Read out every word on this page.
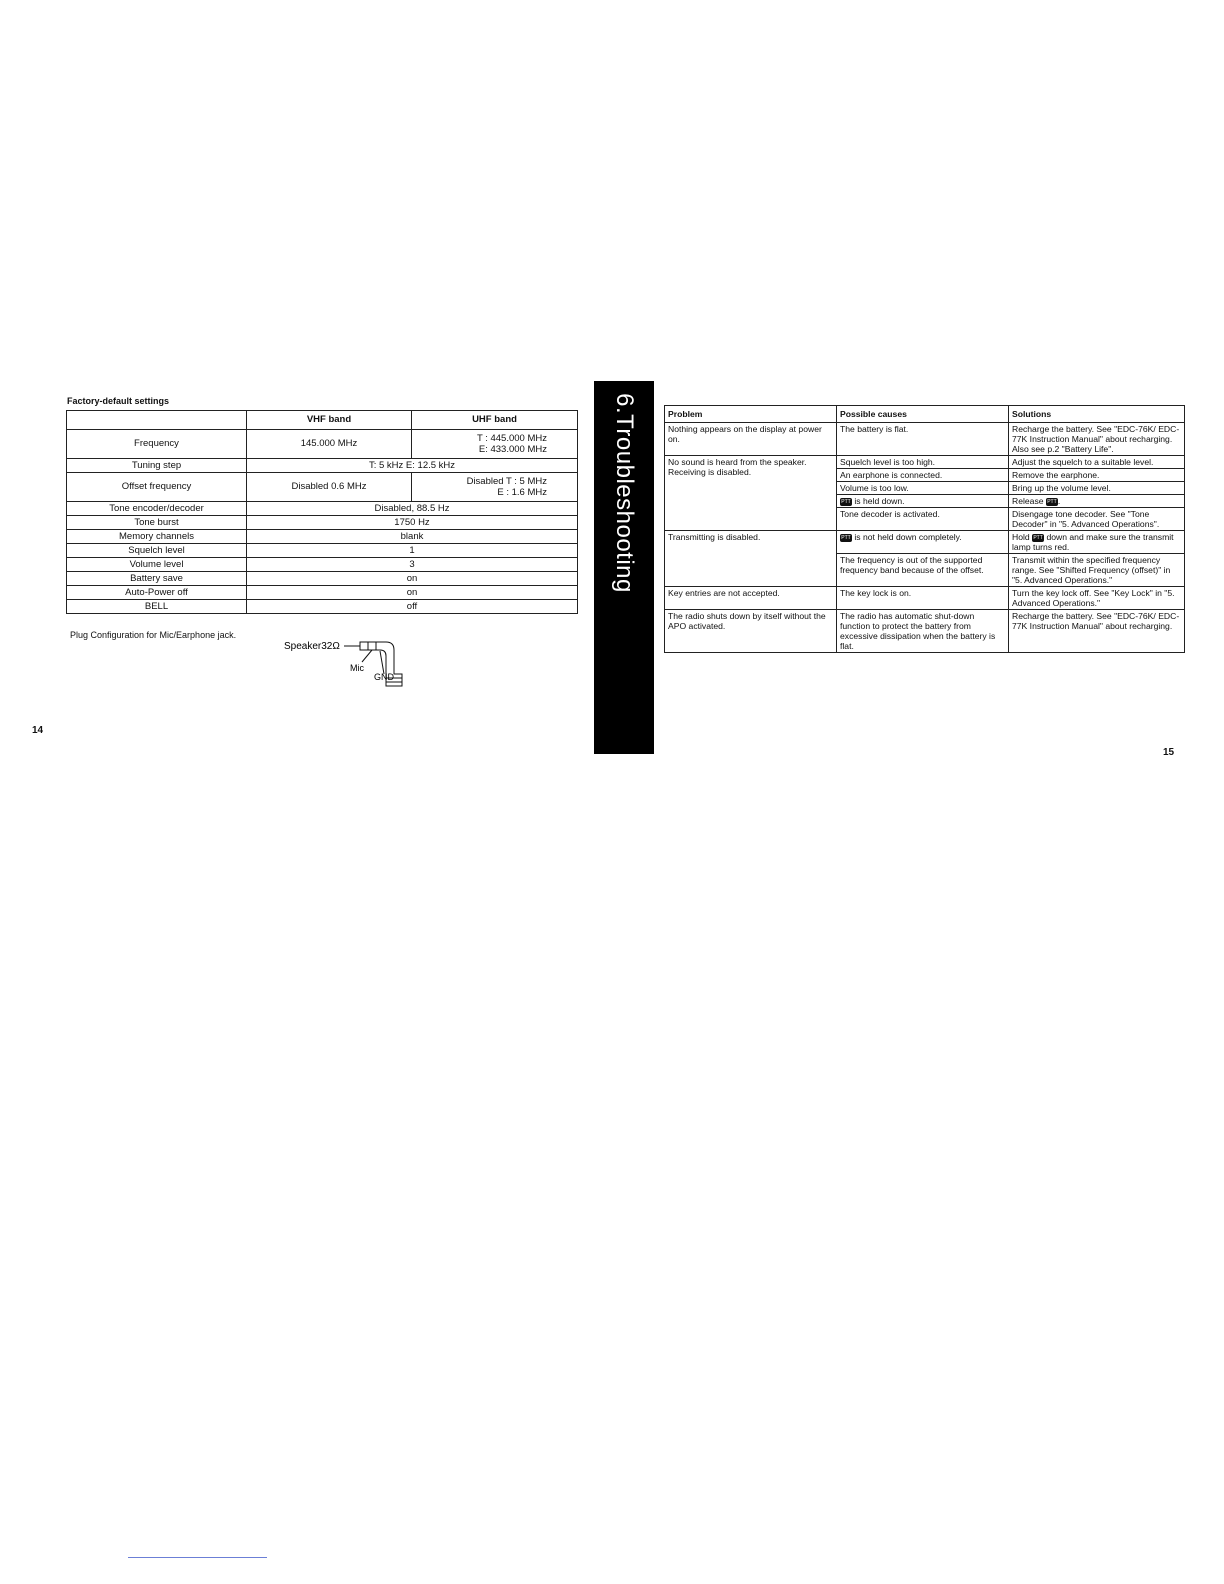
Factory-default settings
	VHF band	UHF band
Frequency	145.000 MHz	T : 445.000 MHz
E: 433.000 MHz

Tuning step	T: 5 kHz E: 12.5 kHz	
Offset frequency	Disabled 0.6 MHz	Disabled T : 5 MHz
E : 1.6 MHz

Tone encoder/decoder	Disabled, 88.5 Hz	
Tone burst	1750 Hz	
Memory channels	blank	
Squelch level	1	
Volume level	3	
Battery save	on	
Auto-Power off	on	
BELL	off	
Plug Configuration for Mic/Earphone jack.
Speaker32Ω
Mic
GND
14
6.Troubleshooting	Problem	Possible causes	Solutions
Nothing appears on the display at power on.	The battery is flat.	Recharge the battery. See "EDC-76K/ EDC-77K Instruction Manual" about recharging. Also see p.2 "Battery Life".
No sound is heard from the speaker. Receiving is disabled.	Squelch level is too high.	Adjust the squelch to a suitable level.
	An earphone is connected.	Remove the earphone.
	Volume is too low.	Bring up the volume level.
	PTT is held down.	Release PTT.
	Tone decoder is activated.	Disengage tone decoder. See "Tone Decoder" in "5. Advanced Operations".
Transmitting is disabled.	PTT is not held down completely.	Hold PTT down and make sure the transmit lamp turns red.
	The frequency is out of the supported frequency band because of the offset.	Transmit within the specified frequency range. See "Shifted Frequency (offset)" in "5. Advanced Operations."
Key entries are not accepted.	The key lock is on.	Turn the key lock off. See "Key Lock" in "5. Advanced Operations."
The radio shuts down by itself without the APO activated.	The radio has automatic shut-down function to protect the battery from excessive dissipation when the battery is flat.	Recharge the battery. See "EDC-76K/ EDC-77K Instruction Manual" about recharging.
15
